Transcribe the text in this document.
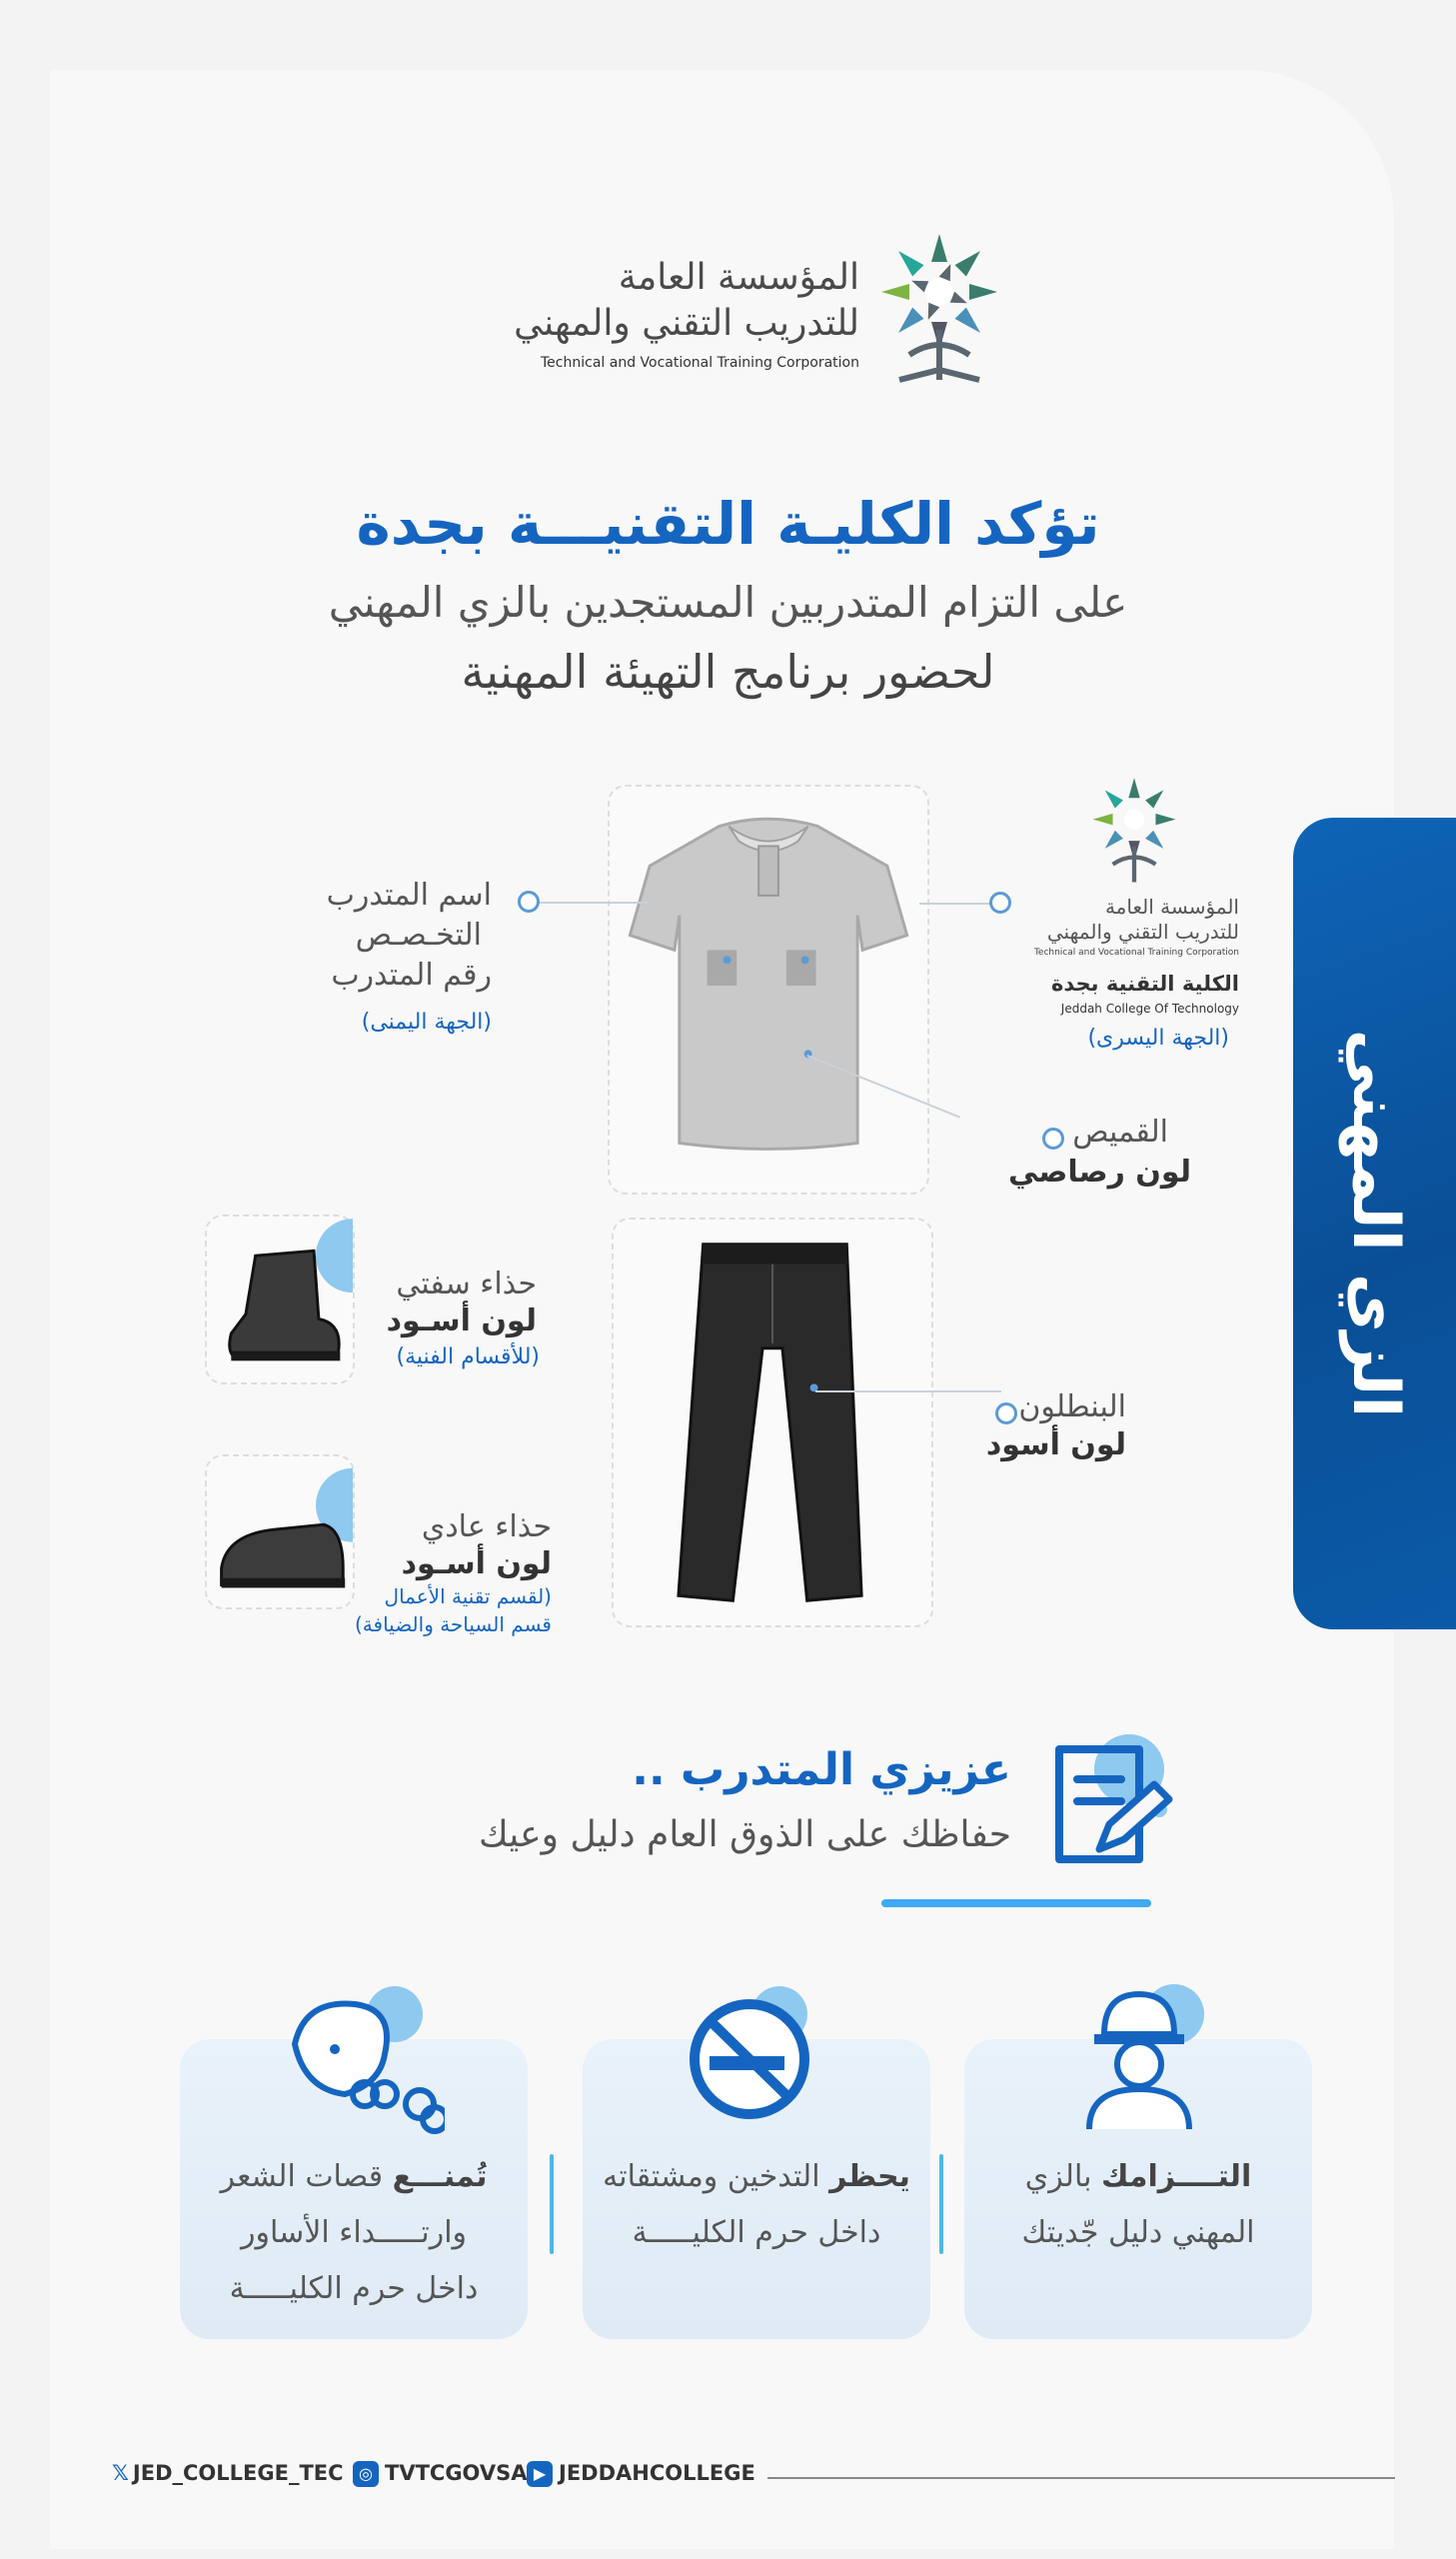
المؤسسة العامة
للتدريب التقني والمهني
Technical and Vocational Training Corporation
تؤكد الكليـة التقنيـــة بجدة
على التزام المتدربين المستجدين بالزي المهني
لحضور برنامج التهيئة المهنية
الزي المهني
اسم المتدرب
التخـصـص
رقم المتدرب
(الجهة اليمنى)
المؤسسة العامة
للتدريب التقني والمهني
Technical and Vocational Training Corporation
الكلية التقنية بجدة
Jeddah College Of Technology
(الجهة اليسرى)
القميص
لون رصاصي
البنطلون
لون أسود
حذاء سفتي
لون أسـود
(للأقسام الفنية)
حذاء عادي
لون أسـود
(لقسم تقنية الأعمال
قسم السياحة والضيافة)
عزيزي المتدرب ..
حفاظك على الذوق العام دليل وعيك
التــــزامك بالزي
المهني دليل جّديتك
يحظر التدخين ومشتقاته
داخل حرم الكليـــــة
تُمنـــع قصات الشعر
وارتـــــداء الأساور
داخل حرم الكليـــــة
𝕏 JED_COLLEGE_TEC ◎ TVTCGOVSA ▶ JEDDAHCOLLEGE
